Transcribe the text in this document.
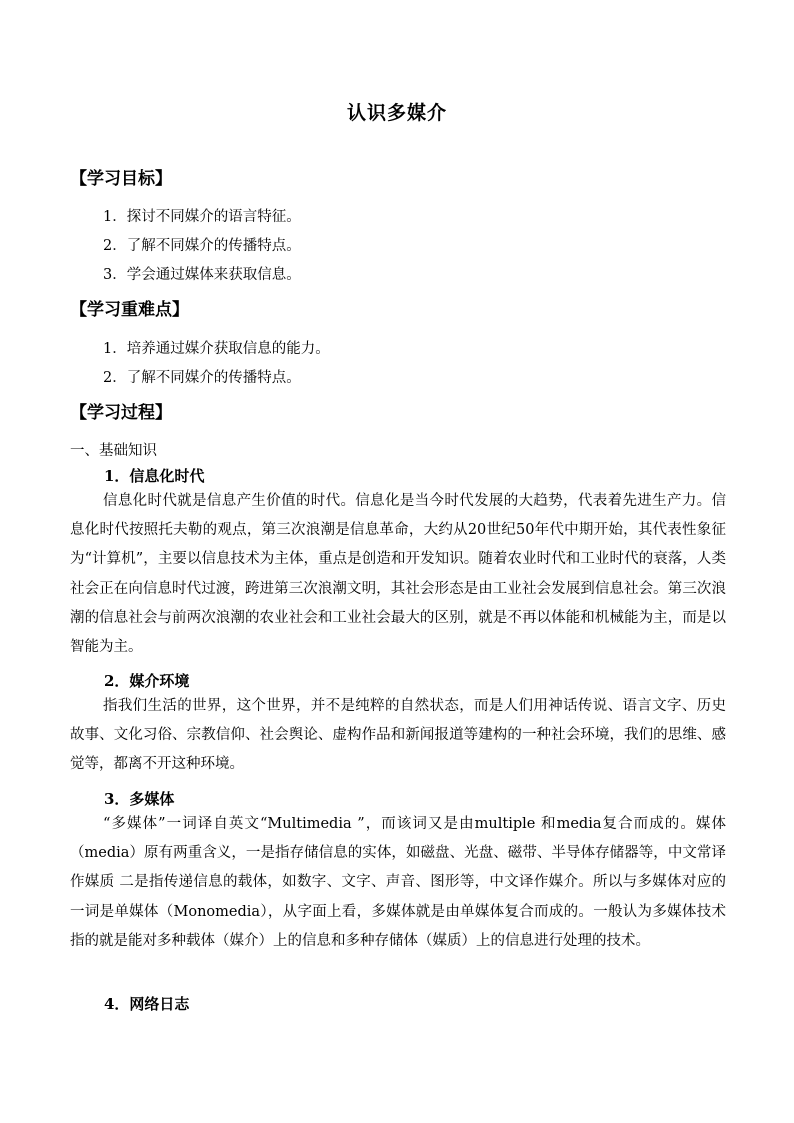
认识多媒介
【学习目标】
1．探讨不同媒介的语言特征。
2．了解不同媒介的传播特点。
3．学会通过媒体来获取信息。
【学习重难点】
1．培养通过媒介获取信息的能力。
2．了解不同媒介的传播特点。
【学习过程】
一、基础知识
1．信息化时代

信息化时代就是信息产生价值的时代。信息化是当今时代发展的大趋势，代表着先进生产力。信息化时代按照托夫勒的观点，第三次浪潮是信息革命，大约从20世纪50年代中期开始，其代表性象征为“计算机”，主要以信息技术为主体，重点是创造和开发知识。随着农业时代和工业时代的衰落，人类社会正在向信息时代过渡，跨进第三次浪潮文明，其社会形态是由工业社会发展到信息社会。第三次浪潮的信息社会与前两次浪潮的农业社会和工业社会最大的区别，就是不再以体能和机械能为主，而是以智能为主。

2．媒介环境

指我们生活的世界，这个世界，并不是纯粹的自然状态，而是人们用神话传说、语言文字、历史故事、文化习俗、宗教信仰、社会舆论、虚构作品和新闻报道等建构的一种社会环境，我们的思维、感觉等，都离不开这种环境。

3．多媒体

“多媒体”一词译自英文“Multimedia ”，而该词又是由multiple 和media复合而成的。媒体（media）原有两重含义，一是指存储信息的实体，如磁盘、光盘、磁带、半导体存储器等，中文常译作媒质 二是指传递信息的载体，如数字、文字、声音、图形等，中文译作媒介。所以与多媒体对应的一词是单媒体（Monomedia），从字面上看，多媒体就是由单媒体复合而成的。一般认为多媒体技术指的就是能对多种载体（媒介）上的信息和多种存储体（媒质）上的信息进行处理的技术。

4．网络日志
